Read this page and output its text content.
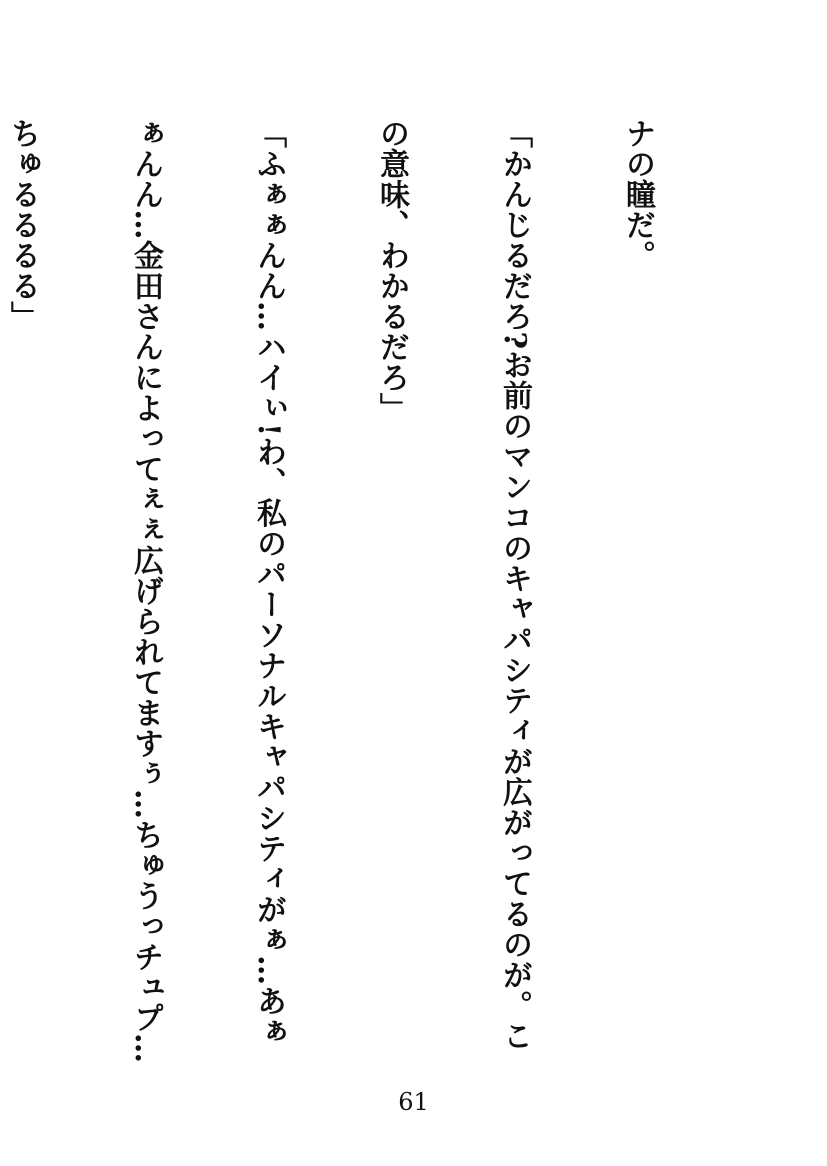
ナの瞳だ。

「かんじるだろ?お前のマンコのキャパシティが広がってるのが。こ

の意味、わかるだろ」

「ふぁぁんん…ハイぃ!わ、私のパーソナルキャパシティがぁ…あぁ

ぁんん…金田さんによってぇぇ広げられてますぅ…ちゅうっチュプ…

ちゅるるるる」

61
